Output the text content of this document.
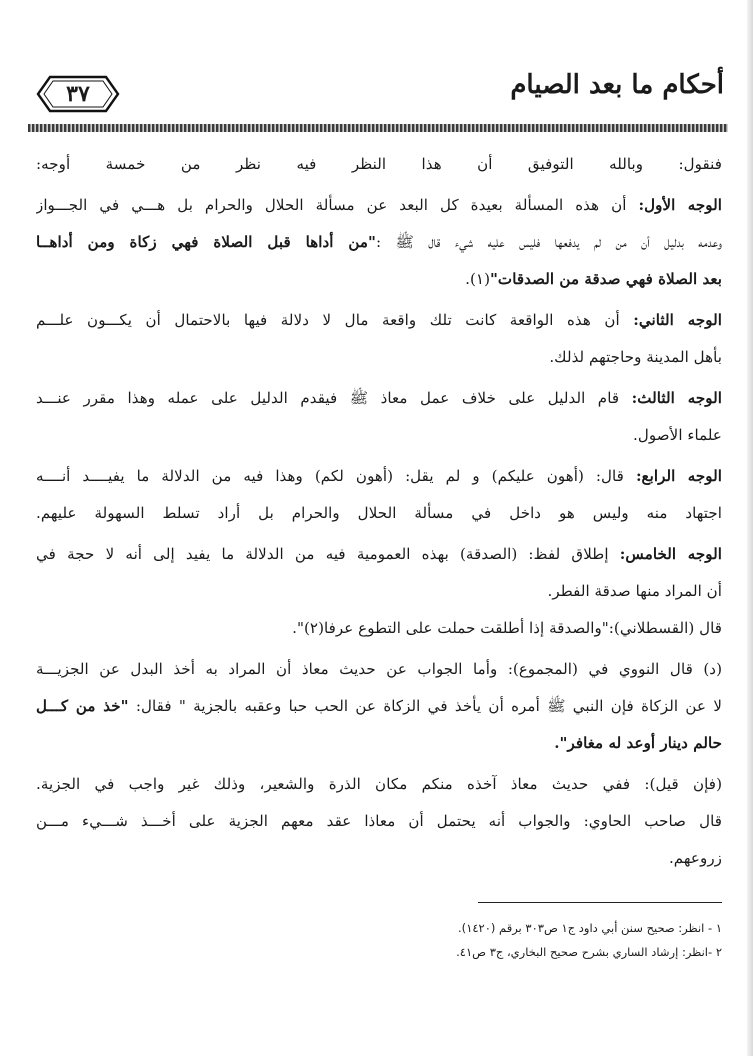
٣٧	أحكام ما بعد الصيام
فنقول: وبالله التوفيق أن هذا النظر فيه نظر من خمسة أوجه:
الوجه الأول: أن هذه المسألة بعيدة كل البعد عن مسألة الحلال والحرام بل هـــي في الجـــواز
وعدمه بدليل أن من لم يدفعها فليس عليه شيء قال ﷺ :"من أداها قبل الصلاة فهي زكاة ومن أداهــا
بعد الصلاة فهي صدقة من الصدقات"(١).
الوجه الثاني: أن هذه الواقعة كانت تلك واقعة مال لا دلالة فيها بالاحتمال أن يكـــون علـــم
بأهل المدينة وحاجتهم لذلك.
الوجه الثالث: قام الدليل على خلاف عمل معاذ ﷺ فيقدم الدليل على عمله وهذا مقرر عنـــد
علماء الأصول.
الوجه الرابع: قال: (أهون عليكم) و لم يقل: (أهون لكم) وهذا فيه من الدلالة ما يفيــــد أنــــه
اجتهاد منه وليس هو داخل في مسألة الحلال والحرام بل أراد تسلط السهولة عليهم.
الوجه الخامس: إطلاق لفظ: (الصدقة) بهذه العمومية فيه من الدلالة ما يفيد إلى أنه لا حجة في
أن المراد منها صدقة الفطر.
قال (القسطلاني):"والصدقة إذا أطلقت حملت على التطوع عرفا(٢)".
(د) قال النووي في (المجموع): وأما الجواب عن حديث معاذ أن المراد به أخذ البدل عن الجزيـــة
لا عن الزكاة فإن النبي ﷺ أمره أن يأخذ في الزكاة عن الحب حبا وعقبه بالجزية " فقال: "خذ من كـــل
حالم دينار أوعد له مغافر".
(فإن قيل): ففي حديث معاذ آخذه منكم مكان الذرة والشعير، وذلك غير واجب في الجزية.
قال صاحب الحاوي: والجواب أنه يحتمل أن معاذا عقد معهم الجزية على أخـــذ شـــيء مـــن
زروعهم.
١ - انظر: صحيح سنن أبي داود ج١ ص٣٠٣ برقم (١٤٢٠).
٢ -انظر: إرشاد الساري بشرح صحيح البخاري، ج٣ ص٤١.
